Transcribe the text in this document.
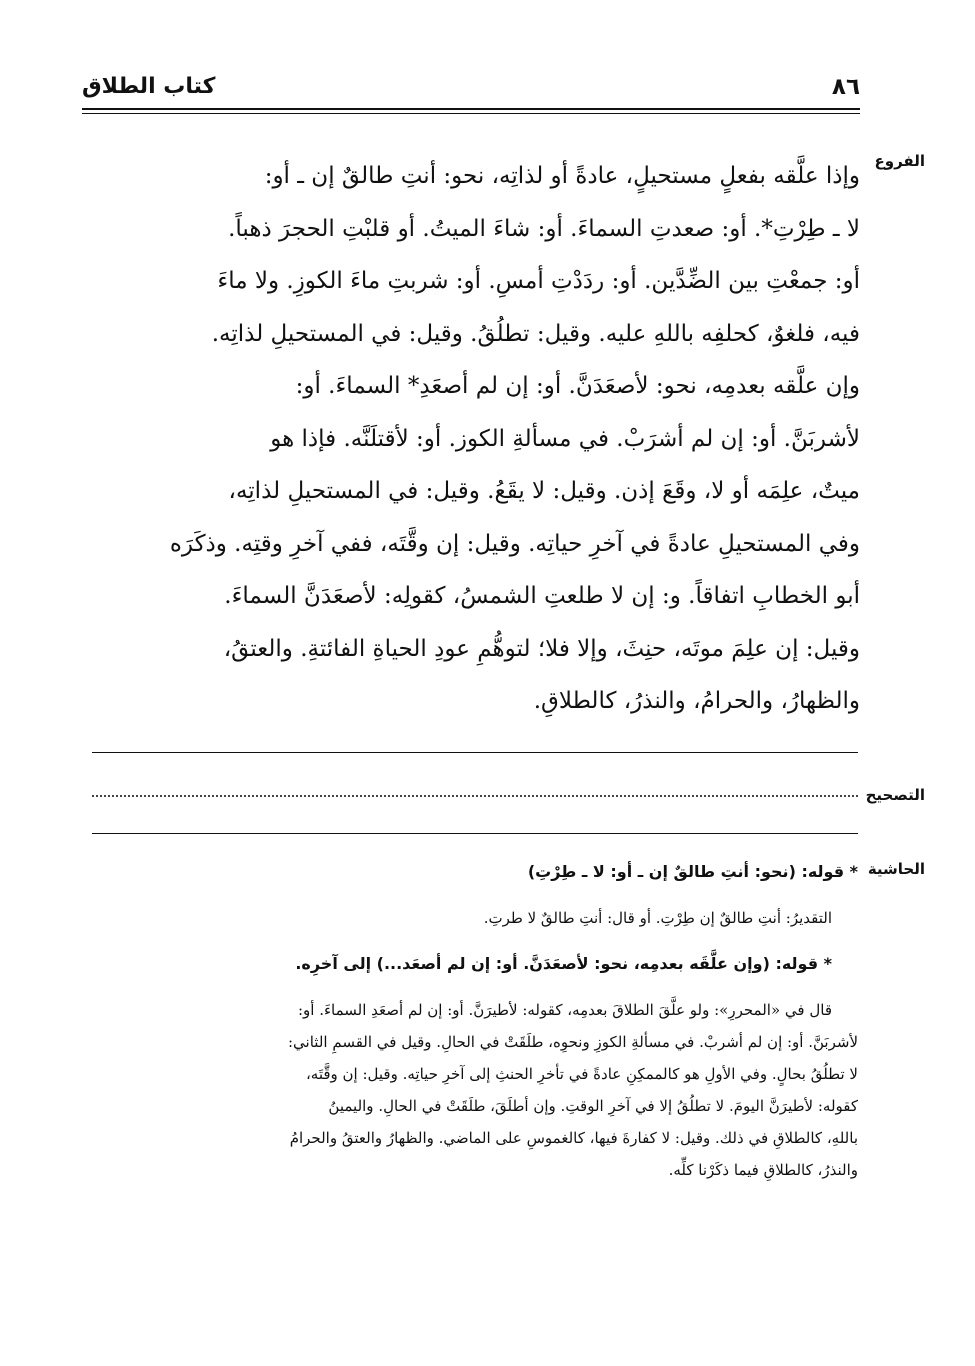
٨٦
كتاب الطلاق
الفروع
وإذا علَّقه بفعلٍ مستحيلٍ، عادةً أو لذاتِه، نحو: أنتِ طالقٌ إن ـ أو:
لا ـ طِرْتِ*. أو: صعدتِ السماءَ. أو: شاءَ الميتُ. أو قلبْتِ الحجرَ ذهباً.
أو: جمعْتِ بين الضِّدَّين. أو: ردَدْتِ أمسِ. أو: شربتِ ماءَ الكوزِ. ولا ماءَ
فيه، فلغوٌ، كحلفِه باللهِ عليه. وقيل: تطلُقُ. وقيل: في المستحيلِ لذاتِه.
وإن علَّقه بعدمِه، نحو: لأصعَدَنَّ. أو: إن لم أصعَدِ* السماءَ. أو:
لأشربَنَّ. أو: إن لم أشرَبْ. في مسألةِ الكوز. أو: لأقتلَنَّه. فإذا هو
ميتٌ، علِمَه أو لا، وقَعَ إذن. وقيل: لا يقَعُ. وقيل: في المستحيلِ لذاتِه،
وفي المستحيلِ عادةً في آخرِ حياتِه. وقيل: إن وقَّتَه، ففي آخرِ وقتِه. وذكَرَه
أبو الخطابِ اتفاقاً. و: إن لا طلعتِ الشمسُ، كقولِه: لأصعَدَنَّ السماءَ.
وقيل: إن علِمَ موتَه، حنِثَ، وإلا فلا؛ لتوهُّمِ عودِ الحياةِ الفائتةِ. والعتقُ،
والظهارُ، والحرامُ، والنذرُ، كالطلاقِ.
التصحيح
الحاشية
* قوله: (نحو: أنتِ طالقٌ إن ـ أو: لا ـ طِرْتِ)
التقديرُ: أنتِ طالقٌ إن طِرْتِ. أو قال: أنتِ طالقٌ لا طرتِ.
* قوله: (وإن علَّقَه بعدمِه، نحو: لأصعَدَنَّ. أو: إن لم أصعَد...) إلى آخرِه.
قال في «المحررِ»: ولو علَّقَ الطلاقَ بعدمِه، كقوله: لأطيرَنَّ. أو: إن لم أصعَدِ السماءَ. أو:
لأشربَنَّ. أو: إن لم أشربْ. في مسألةِ الكوزِ ونحوِه، طلَقَتْ في الحالِ. وقيل في القسمِ الثاني:
لا تطلُقُ بحالٍ. وفي الأولِ هو كالممكِنِ عادةً في تأخرِ الحنثِ إلى آخرِ حياتِه. وقيل: إن وقَّتَه،
كقوله: لأطيرَنَّ اليومَ. لا تطلُقُ إلا في آخرِ الوقتِ. وإن أطلَقَ، طلَقَتْ في الحالِ. واليمينُ
باللهِ، كالطلاقِ في ذلك. وقيل: لا كفارةَ فيها، كالغموسِ على الماضي. والظهارُ والعتقُ والحرامُ
والنذرُ، كالطلاقِ فيما ذكَرْنا كلِّه.
